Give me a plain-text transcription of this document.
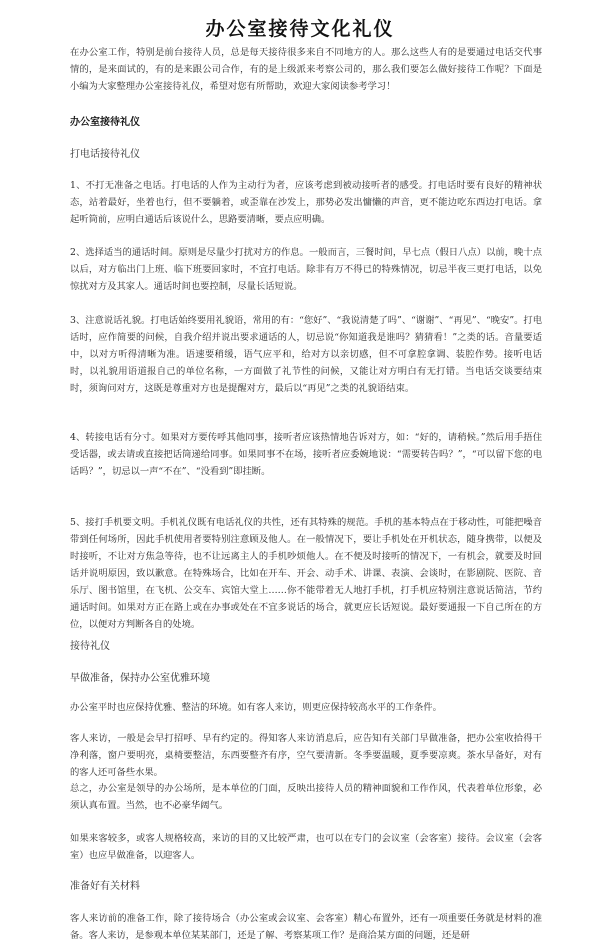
办公室接待文化礼仪

在办公室工作，特别是前台接待人员，总是每天接待很多来自不同地方的人。那么这些人有的是要通过电话交代事情的，是来面试的，有的是来跟公司合作，有的是上级派来考察公司的，那么我们要怎么做好接待工作呢？下面是小编为大家整理办公室接待礼仪，希望对您有所帮助，欢迎大家阅读参考学习！

办公室接待礼仪
打电话接待礼仪

1、不打无准备之电话。打电话的人作为主动行为者，应该考虑到被动接听者的感受。打电话时要有良好的精神状态，站着最好，坐着也行，但不要躺着，或歪靠在沙发上，那势必发出慵懒的声音，更不能边吃东西边打电话。拿起听筒前，应明白通话后该说什么，思路要清晰，要点应明确。

2、选择适当的通话时间。原则是尽量少打扰对方的作息。一般而言，三餐时间，早七点（假日八点）以前，晚十点以后，对方临出门上班、临下班要回家时，不宜打电话。除非有万不得已的特殊情况，切忌半夜三更打电话，以免惊扰对方及其家人。通话时间也要控制，尽量长话短说。

3、注意说话礼貌。打电话始终要用礼貌语，常用的有：“您好”、“我说清楚了吗”、“谢谢”、“再见”、“晚安”。打电话时，应作简要的问候，自我介绍并说出要求通话的人，切忌说“你知道我是谁吗？猜猜看！”之类的话。音量要适中，以对方听得清晰为准。语速要稍缓，语气应平和，给对方以亲切感，但不可拿腔拿调、装腔作势。接听电话时，以礼貌用语道报自己的单位名称，一方面做了礼节性的问候，又能让对方明白有无打错。当电话交谈要结束时，须询问对方，这既是尊重对方也是提醒对方，最后以“再见”之类的礼貌语结束。

4、转接电话有分寸。如果对方要传呼其他同事，接听者应该热情地告诉对方，如：“好的，请稍候。”然后用手捂住受话器，或去请或直接把话筒递给同事。如果同事不在场，接听者应委婉地说：“需要转告吗？”，“可以留下您的电话吗？”，切忌以一声“不在”、“没看到”即挂断。

5、接打手机要文明。手机礼仪既有电话礼仪的共性，还有其特殊的规范。手机的基本特点在于移动性，可能把噪音带到任何场所，因此手机使用者要特别注意顾及他人。在一般情况下，要让手机处在开机状态，随身携带，以便及时接听，不让对方焦急等待，也不让远离主人的手机吵烦他人。在不便及时接听的情况下，一有机会，就要及时回话并说明原因，致以歉意。在特殊场合，比如在开车、开会、动手术、讲课、表演、会谈时，在影剧院、医院、音乐厅、图书馆里，在飞机、公交车、宾馆大堂上……你不能带着无人地打手机，打手机应特别注意说话简洁，节约通话时间。如果对方正在路上或在办事或处在不宜多说话的场合，就更应长话短说。最好要通报一下自己所在的方位，以便对方判断各自的处境。

接待礼仪
早做准备，保持办公室优雅环境

办公室平时也应保持优雅、整洁的环境。如有客人来访，则更应保持较高水平的工作条件。

客人来访，一般是会早打招呼、早有约定的。得知客人来访消息后，应告知有关部门早做准备，把办公室收拾得干净利落，窗户要明亮，桌椅要整洁，东西要整齐有序，空气要清新。冬季要温暖，夏季要凉爽。茶水早备好，对有的客人还可备些水果。

总之，办公室是领导的办公场所，是本单位的门面，反映出接待人员的精神面貌和工作作风，代表着单位形象，必须认真布置。当然，也不必豪华阔气。

如果来客较多，或客人规格较高，来访的目的又比较严肃，也可以在专门的会议室（会客室）接待。会议室（会客室）也应早做准备，以迎客人。

准备好有关材料

客人来访前的准备工作，除了接待场合（办公室或会议室、会客室）精心布置外，还有一项重要任务就是材料的准备。客人来访，是参观本单位某某部门，还是了解、考察某项工作？是商洽某方面的问题，还是研
